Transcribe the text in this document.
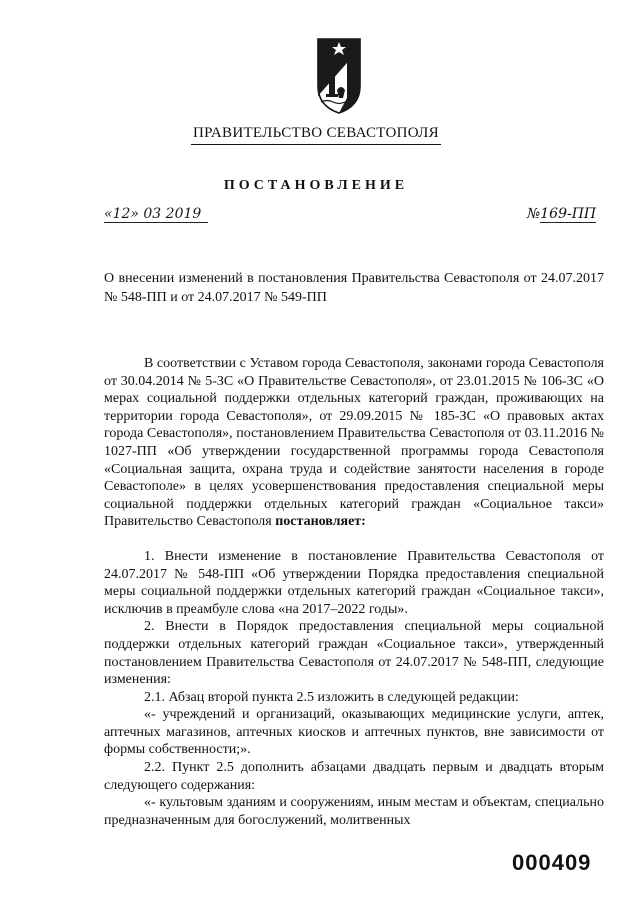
ПРАВИТЕЛЬСТВО СЕВАСТОПОЛЯ
ПОСТАНОВЛЕНИЕ
«12» 03 2019	№169-ПП
О внесении изменений в постановления Правительства Севастополя от 24.07.2017 № 548-ПП и от 24.07.2017 № 549-ПП

В соответствии с Уставом города Севастополя, законами города Севастополя от 30.04.2014 № 5-ЗС «О Правительстве Севастополя», от 23.01.2015 № 106-ЗС «О мерах социальной поддержки отдельных категорий граждан, проживающих на территории города Севастополя», от 29.09.2015 № 185-ЗС «О правовых актах города Севастополя», постановлением Правительства Севастополя от 03.11.2016 № 1027-ПП «Об утверждении государственной программы города Севастополя «Социальная защита, охрана труда и содействие занятости населения в городе Севастополе» в целях усовершенствования предоставления специальной меры социальной поддержки отдельных категорий граждан «Социальное такси» Правительство Севастополя постановляет:

1. Внести изменение в постановление Правительства Севастополя от 24.07.2017 № 548-ПП «Об утверждении Порядка предоставления специальной меры социальной поддержки отдельных категорий граждан «Социальное такси», исключив в преамбуле слова «на 2017–2022 годы».

2. Внести в Порядок предоставления специальной меры социальной поддержки отдельных категорий граждан «Социальное такси», утвержденный постановлением Правительства Севастополя от 24.07.2017 № 548-ПП, следующие изменения:

2.1. Абзац второй пункта 2.5 изложить в следующей редакции:

«- учреждений и организаций, оказывающих медицинские услуги, аптек, аптечных магазинов, аптечных киосков и аптечных пунктов, вне зависимости от формы собственности;».

2.2. Пункт 2.5 дополнить абзацами двадцать первым и двадцать вторым следующего содержания:

«- культовым зданиям и сооружениям, иным местам и объектам, специально предназначенным для богослужений, молитвенных

000409
